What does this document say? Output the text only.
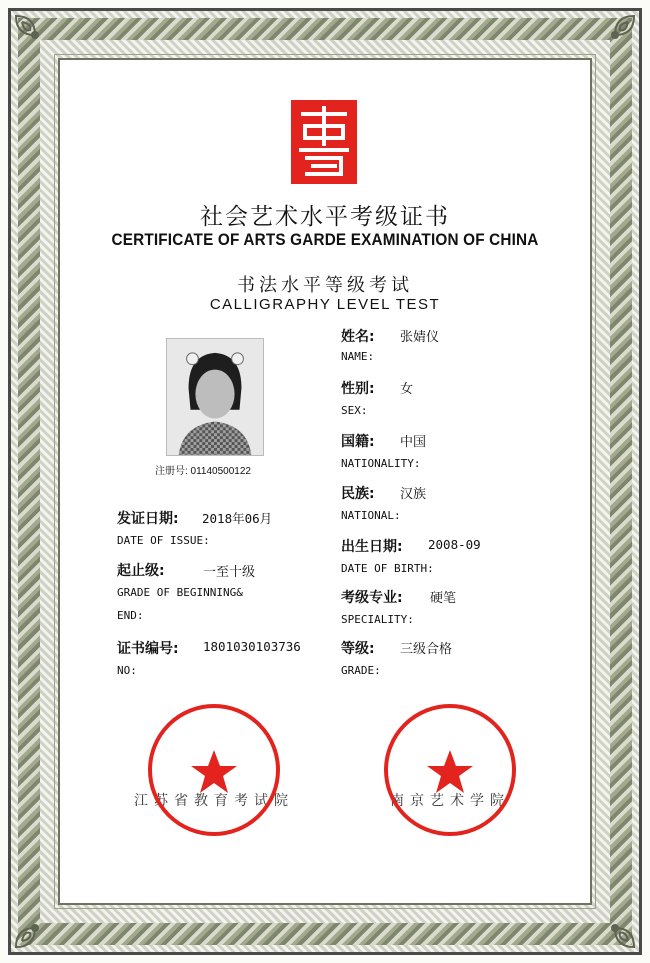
社会艺术水平考级证书
CERTIFICATE OF ARTS GARDE EXAMINATION OF CHINA
书法水平等级考试
CALLIGRAPHY LEVEL TEST
注册号: 01140500122
姓名: 张婧仪
NAME:
性别: 女
SEX:
国籍: 中国
NATIONALITY:
民族: 汉族
NATIONAL:
出生日期: 2008-09
DATE OF BIRTH:
考级专业: 硬笔
SPECIALITY:
等级: 三级合格
GRADE:
发证日期: 2018年06月
DATE OF ISSUE:
起止级:	一至十级
GRADE OF BEGINNING&
END:
证书编号: 1801030103736
NO:
江苏省教育考试院	南京艺术学院
